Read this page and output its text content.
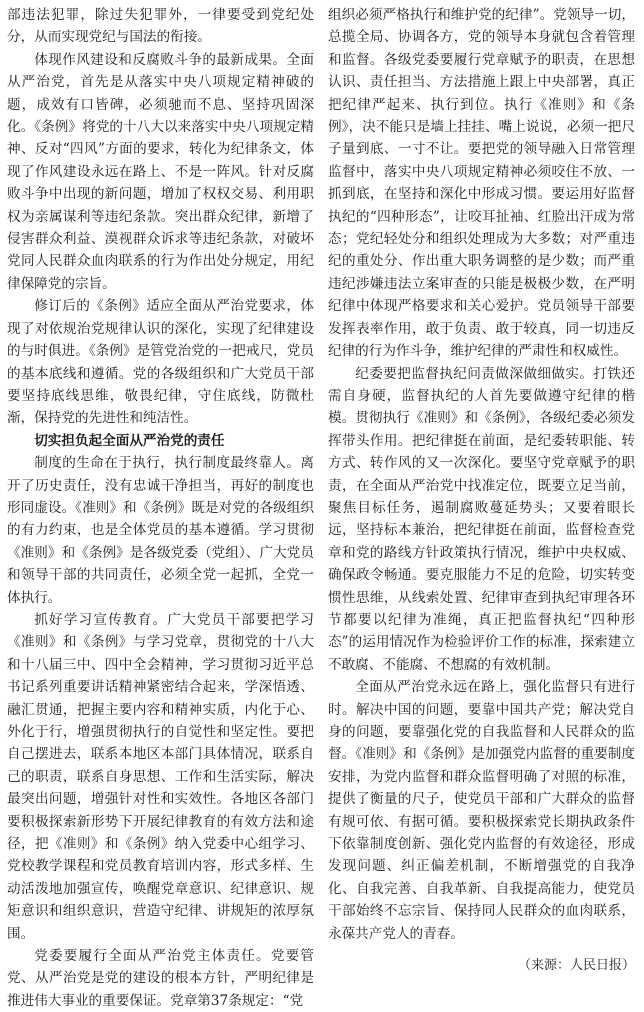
部违法犯罪，除过失犯罪外，一律要受到党纪处分，从而实现党纪与国法的衔接。

体现作风建设和反腐败斗争的最新成果。全面从严治党，首先是从落实中央八项规定精神破的题，成效有口皆碑，必须驰而不息、坚持巩固深化。《条例》将党的十八大以来落实中央八项规定精神、反对“四风”方面的要求，转化为纪律条文，体现了作风建设永远在路上、不是一阵风。针对反腐败斗争中出现的新问题，增加了权权交易、利用职权为亲属谋利等违纪条款。突出群众纪律，新增了侵害群众利益、漠视群众诉求等违纪条款，对破坏党同人民群众血肉联系的行为作出处分规定，用纪律保障党的宗旨。

修订后的《条例》适应全面从严治党要求，体现了对依规治党规律认识的深化，实现了纪律建设的与时俱进。《条例》是管党治党的一把戒尺，党员的基本底线和遵循。党的各级组织和广大党员干部要坚持底线思维，敬畏纪律，守住底线，防微杜渐，保持党的先进性和纯洁性。

切实担负起全面从严治党的责任

制度的生命在于执行，执行制度最终靠人。离开了历史责任，没有忠诚干净担当，再好的制度也形同虚设。《准则》和《条例》既是对党的各级组织的有力约束，也是全体党员的基本遵循。学习贯彻《准则》和《条例》是各级党委（党组）、广大党员和领导干部的共同责任，必须全党一起抓，全党一体执行。

抓好学习宣传教育。广大党员干部要把学习《准则》和《条例》与学习党章，贯彻党的十八大和十八届三中、四中全会精神，学习贯彻习近平总书记系列重要讲话精神紧密结合起来，学深悟透、融汇贯通，把握主要内容和精神实质，内化于心、外化于行，增强贯彻执行的自觉性和坚定性。要把自己摆进去，联系本地区本部门具体情况，联系自己的职责，联系自身思想、工作和生活实际，解决最突出问题，增强针对性和实效性。各地区各部门要积极探索新形势下开展纪律教育的有效方法和途径，把《准则》和《条例》纳入党委中心组学习、党校教学课程和党员教育培训内容，形式多样、生动活泼地加强宣传，唤醒党章意识、纪律意识、规矩意识和组织意识，营造守纪律、讲规矩的浓厚氛围。

党委要履行全面从严治党主体责任。党要管党、从严治党是党的建设的根本方针，严明纪律是推进伟大事业的重要保证。党章第37条规定：“党

组织必须严格执行和维护党的纪律”。党领导一切，总揽全局、协调各方，党的领导本身就包含着管理和监督。各级党委要履行党章赋予的职责，在思想认识、责任担当、方法措施上跟上中央部署，真正把纪律严起来、执行到位。执行《准则》和《条例》，决不能只是墙上挂挂、嘴上说说，必须一把尺子量到底、一寸不让。要把党的领导融入日常管理监督中，落实中央八项规定精神必须咬住不放、一抓到底，在坚持和深化中形成习惯。要运用好监督执纪的“四种形态”，让咬耳扯袖、红脸出汗成为常态；党纪轻处分和组织处理成为大多数；对严重违纪的重处分、作出重大职务调整的是少数；而严重违纪涉嫌违法立案审查的只能是极极少数，在严明纪律中体现严格要求和关心爱护。党员领导干部要发挥表率作用，敢于负责、敢于较真，同一切违反纪律的行为作斗争，维护纪律的严肃性和权威性。

纪委要把监督执纪问责做深做细做实。打铁还需自身硬，监督执纪的人首先要做遵守纪律的楷模。贯彻执行《准则》和《条例》，各级纪委必须发挥带头作用。把纪律挺在前面，是纪委转职能、转方式、转作风的又一次深化。要坚守党章赋予的职责，在全面从严治党中找准定位，既要立足当前，聚焦目标任务，遏制腐败蔓延势头；又要着眼长远，坚持标本兼治，把纪律挺在前面，监督检查党章和党的路线方针政策执行情况，维护中央权威、确保政令畅通。要克服能力不足的危险，切实转变惯性思维，从线索处置、纪律审查到执纪审理各环节都要以纪律为准绳，真正把监督执纪“四种形态”的运用情况作为检验评价工作的标准，探索建立不敢腐、不能腐、不想腐的有效机制。

全面从严治党永远在路上，强化监督只有进行时。解决中国的问题，要靠中国共产党；解决党自身的问题，要靠强化党的自我监督和人民群众的监督。《准则》和《条例》是加强党内监督的重要制度安排，为党内监督和群众监督明确了对照的标准，提供了衡量的尺子，使党员干部和广大群众的监督有规可依、有据可循。要积极探索党长期执政条件下依靠制度创新、强化党内监督的有效途径，形成发现问题、纠正偏差机制，不断增强党的自我净化、自我完善、自我革新、自我提高能力，使党员干部始终不忘宗旨、保持同人民群众的血肉联系，永葆共产党人的青春。

（来源：人民日报）
